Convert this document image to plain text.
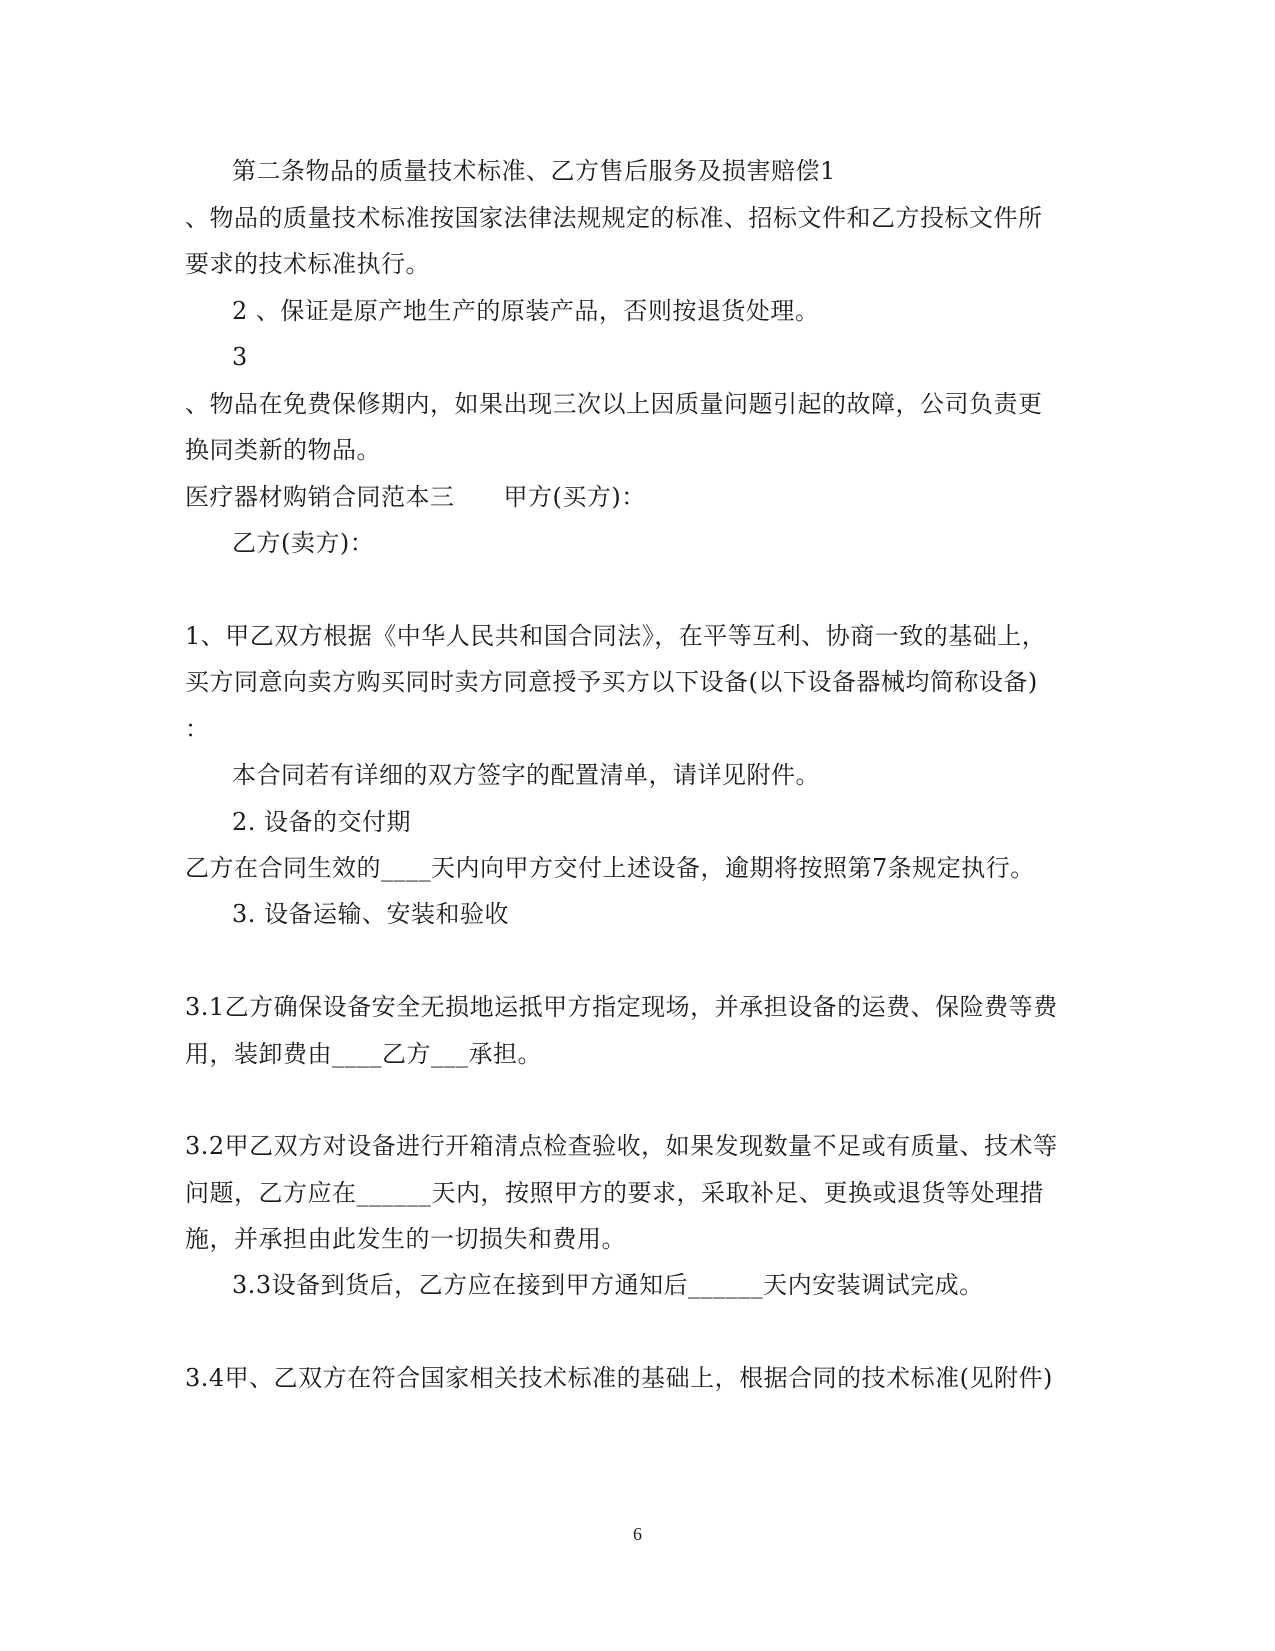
第二条物品的质量技术标准、乙方售后服务及损害赔偿1
、物品的质量技术标准按国家法律法规规定的标准、招标文件和乙方投标文件所
要求的技术标准执行。
2 、保证是原产地生产的原装产品，否则按退货处理。
3
、物品在免费保修期内，如果出现三次以上因质量问题引起的故障，公司负责更
换同类新的物品。
医疗器材购销合同范本三　　甲方(买方)：
乙方(卖方)：
1、甲乙双方根据《中华人民共和国合同法》，在平等互利、协商一致的基础上，
买方同意向卖方购买同时卖方同意授予买方以下设备(以下设备器械均简称设备)
：
本合同若有详细的双方签字的配置清单，请详见附件。
2. 设备的交付期
乙方在合同生效的____天内向甲方交付上述设备，逾期将按照第7条规定执行。
3. 设备运输、安装和验收
3.1乙方确保设备安全无损地运抵甲方指定现场，并承担设备的运费、保险费等费
用，装卸费由____乙方___承担。
3.2甲乙双方对设备进行开箱清点检查验收，如果发现数量不足或有质量、技术等
问题，乙方应在______天内，按照甲方的要求，采取补足、更换或退货等处理措
施，并承担由此发生的一切损失和费用。
3.3设备到货后，乙方应在接到甲方通知后______天内安装调试完成。
3.4甲、乙双方在符合国家相关技术标准的基础上，根据合同的技术标准(见附件)
6
